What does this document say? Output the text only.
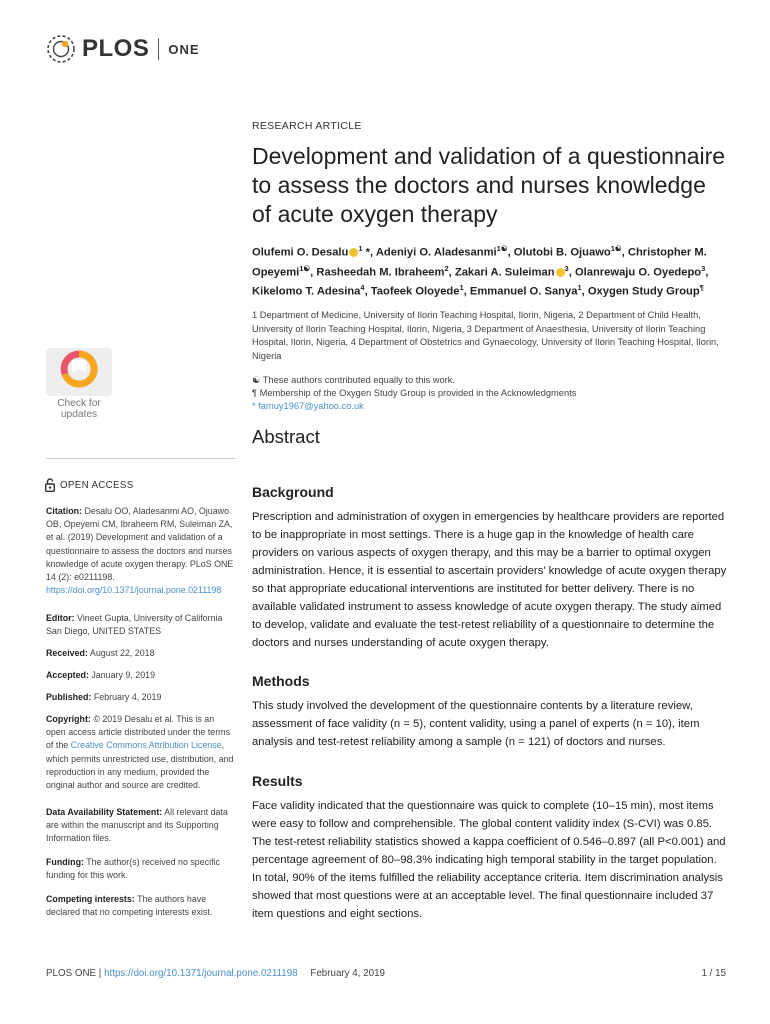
PLOS ONE
RESEARCH ARTICLE
Development and validation of a questionnaire to assess the doctors and nurses knowledge of acute oxygen therapy
Olufemi O. Desalu $^1$ *, Adeniyi O. Aladesanmi$^{1☯}$, Olutobi B. Ojuawo$^{1☯}$, Christopher M. Opeyemi$^{1☯}$, Rasheedah M. Ibraheem$^2$, Zakari A. Suleiman $^3$, Olanrewaju O. Oyedepo$^3$, Kikelomo T. Adesina$^4$, Taofeek Oloyede$^1$, Emmanuel O. Sanya$^1$, Oxygen Study Group¶
1 Department of Medicine, University of Ilorin Teaching Hospital, Ilorin, Nigeria, 2 Department of Child Health, University of Ilorin Teaching Hospital, Ilorin, Nigeria, 3 Department of Anaesthesia, University of Ilorin Teaching Hospital, Ilorin, Nigeria, 4 Department of Obstetrics and Gynaecology, University of Ilorin Teaching Hospital, Ilorin, Nigeria
☯ These authors contributed equally to this work.
¶ Membership of the Oxygen Study Group is provided in the Acknowledgments
* famuy1967@yahoo.co.uk
Abstract
Background

Prescription and administration of oxygen in emergencies by healthcare providers are reported to be inappropriate in most settings. There is a huge gap in the knowledge of health care providers on various aspects of oxygen therapy, and this may be a barrier to optimal oxygen administration. Hence, it is essential to ascertain providers’ knowledge of acute oxygen therapy so that appropriate educational interventions are instituted for better delivery. There is no available validated instrument to assess knowledge of acute oxygen therapy. The study aimed to develop, validate and evaluate the test-retest reliability of a questionnaire to determine the doctors and nurses understanding of acute oxygen therapy.

Methods

This study involved the development of the questionnaire contents by a literature review, assessment of face validity (n = 5), content validity, using a panel of experts (n = 10), item analysis and test-retest reliability among a sample (n = 121) of doctors and nurses.

Results

Face validity indicated that the questionnaire was quick to complete (10–15 min), most items were easy to follow and comprehensible. The global content validity index (S-CVI) was 0.85. The test-retest reliability statistics showed a kappa coefficient of 0.546–0.897 (all P<0.001) and percentage agreement of 80–98.3% indicating high temporal stability in the target population. In total, 90% of the items fulfilled the reliability acceptance criteria. Item discrimination analysis showed that most questions were at an acceptable level. The final questionnaire included 37 item questions and eight sections.

Check for updates
OPEN ACCESS
Citation: Desalu OO, Aladesanmi AO, Ojuawo OB, Opeyemi CM, Ibraheem RM, Suleiman ZA, et al. (2019) Development and validation of a questionnaire to assess the doctors and nurses knowledge of acute oxygen therapy. PLoS ONE 14 (2): e0211198. https://doi.org/10.1371/journal.pone.0211198
Editor: Vineet Gupta, University of California San Diego, UNITED STATES
Received: August 22, 2018
Accepted: January 9, 2019
Published: February 4, 2019
Copyright: © 2019 Desalu et al. This is an open access article distributed under the terms of the Creative Commons Attribution License, which permits unrestricted use, distribution, and reproduction in any medium, provided the original author and source are credited.
Data Availability Statement: All relevant data are within the manuscript and its Supporting Information files.
Funding: The author(s) received no specific funding for this work.
Competing interests: The authors have declared that no competing interests exist.
PLOS ONE | https://doi.org/10.1371/journal.pone.0211198 February 4, 2019	1 / 15
